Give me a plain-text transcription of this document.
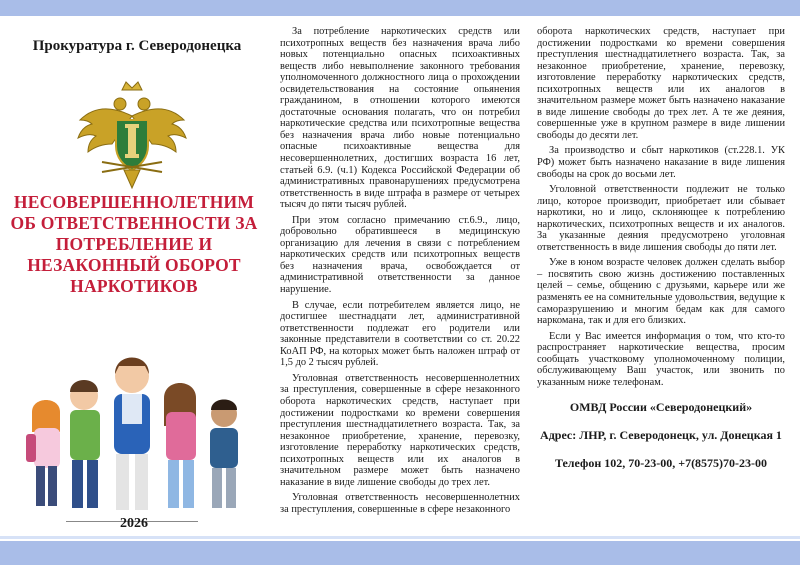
Прокуратура г. Северодонецка
НЕСОВЕРШЕННОЛЕТНИМ ОБ ОТВЕТСТВЕННОСТИ ЗА ПОТРЕБЛЕНИЕ И НЕЗАКОННЫЙ ОБОРОТ НАРКОТИКОВ
2026

За потребление наркотических средств или психотропных веществ без назначения врача либо новых потенциально опасных психоактивных веществ либо невыполнение законного требования уполномоченного должностного лица о прохождении освидетельствования на состояние опьянения гражданином, в отношении которого имеются достаточные основания полагать, что он потребил наркотические средства или психотропные вещества без назначения врача либо новые потенциально опасные психоактивные вещества для несовершеннолетних, достигших возраста 16 лет, статьей 6.9. (ч.1) Кодекса Российской Федерации об административных правонарушениях предусмотрена ответственность в виде штрафа в размере от четырех тысяч до пяти тысяч рублей.

При этом согласно примечанию ст.6.9., лицо, добровольно обратившееся в медицинскую организацию для лечения в связи с потреблением наркотических средств или психотропных веществ без назначения врача, освобождается от административной ответственности за данное нарушение.

В случае, если потребителем является лицо, не достигшее шестнадцати лет, административной ответственности подлежат его родители или законные представители в соответствии со ст. 20.22 КоАП РФ, на которых может быть наложен штраф от 1,5 до 2 тысяч рублей.

Уголовная ответственность несовершеннолетних за преступления, совершенные в сфере незаконного оборота наркотических средств, наступает при достижении подростками ко времени совершения преступления шестнадцатилетнего возраста. Так, за незаконное приобретение, хранение, перевозку, изготовление переработку наркотических средств, психотропных веществ или их аналогов в значительном размере может быть назначено наказание в виде лишение свободы до трех лет.

Уголовная ответственность несовершеннолетних за преступления, совершенные в сфере незаконного

оборота наркотических средств, наступает при достижении подростками ко времени совершения преступления шестнадцатилетнего возраста. Так, за незаконное приобретение, хранение, перевозку, изготовление переработку наркотических средств, психотропных веществ или их аналогов в значительном размере может быть назначено наказание в виде лишение свободы до трех лет. А те же деяния, совершенные уже в крупном размере в виде лишении свободы до десяти лет.

За производство и сбыт наркотиков (ст.228.1. УК РФ) может быть назначено наказание в виде лишения свободы на срок до восьми лет.

Уголовной ответственности подлежит не только лицо, которое производит, приобретает или сбывает наркотики, но и лицо, склоняющее к потреблению наркотических, психотропных веществ и их аналогов. За указанные деяния предусмотрено уголовная ответственность в виде лишения свободы до пяти лет.

Уже в юном возрасте человек должен сделать выбор – посвятить свою жизнь достижению поставленных целей – семье, общению с друзьями, карьере или же разменять ее на сомнительные удовольствия, ведущие к саморазрушению и многим бедам как для самого наркомана, так и для его близких.

Если у Вас имеется информация о том, что кто-то распространяет наркотические вещества, просим сообщать участковому уполномоченному полиции, обслуживающему Ваш участок, или звонить по указанным ниже телефонам.

ОМВД России «Северодонецкий»
Адрес: ЛНР, г. Северодонецк, ул. Донецкая 1
Телефон 102, 70-23-00, +7(8575)70-23-00
